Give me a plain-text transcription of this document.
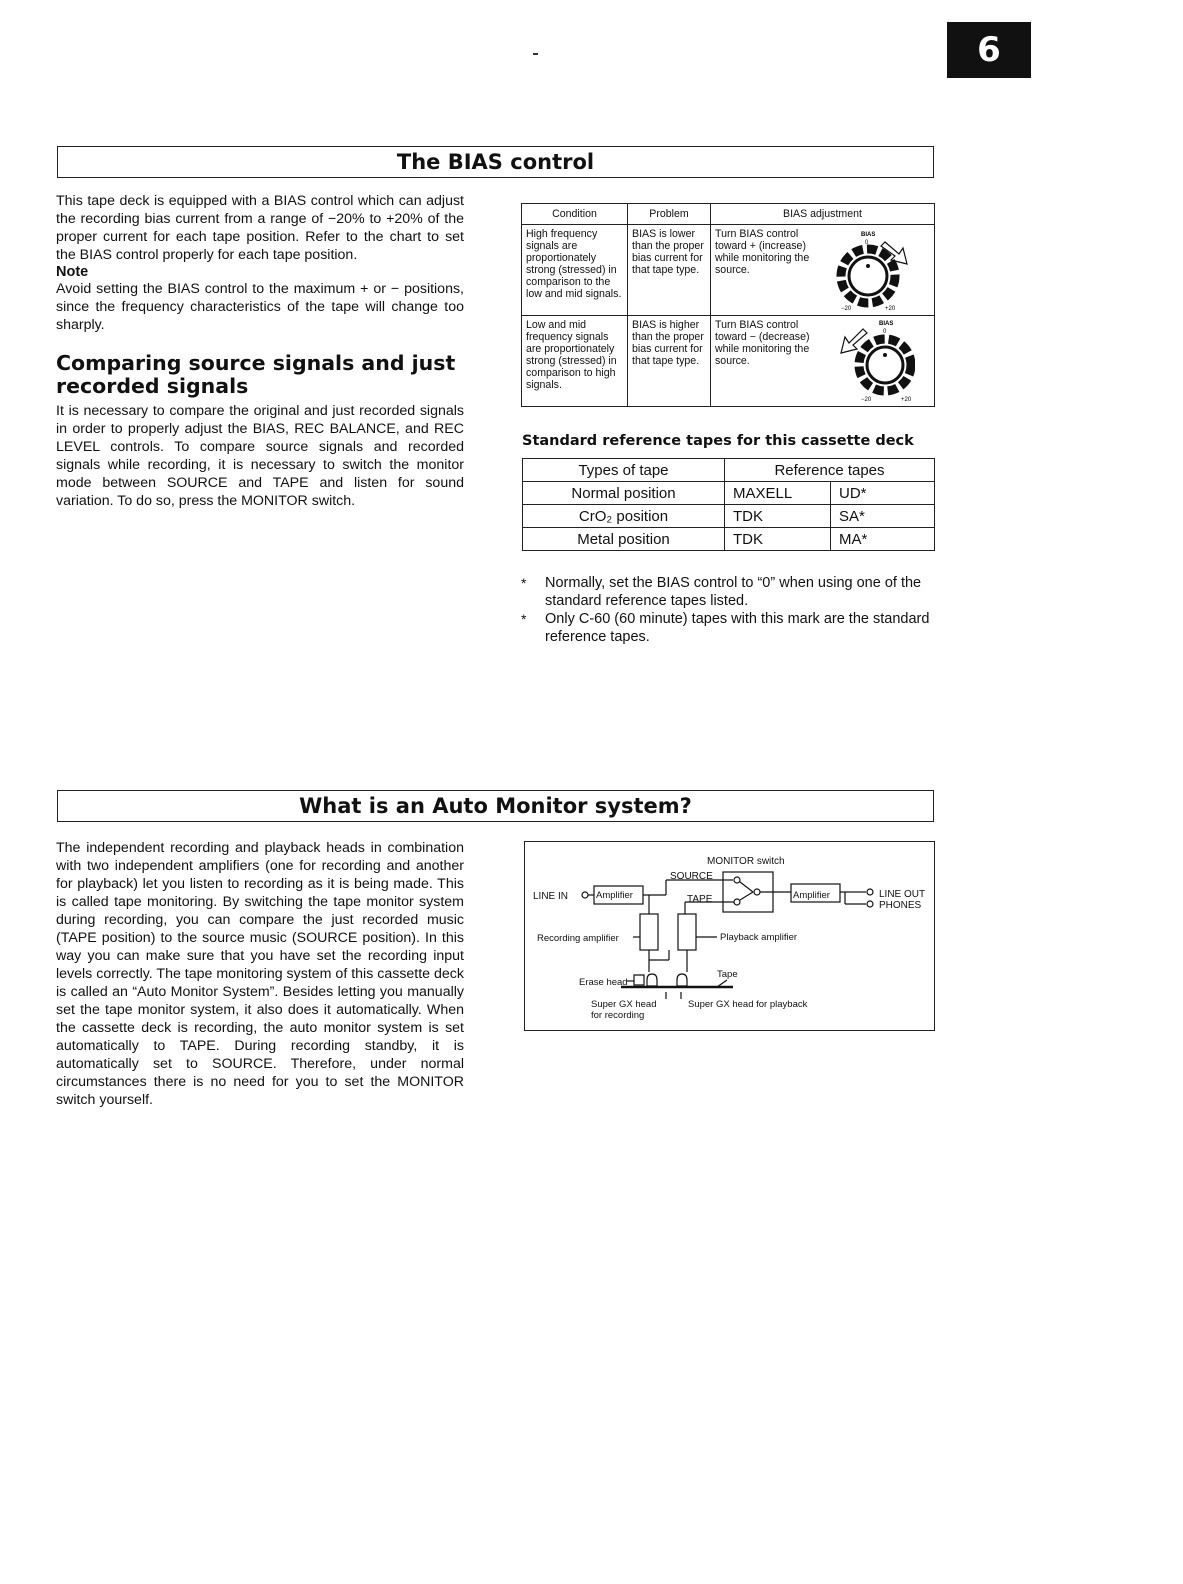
6
The BIAS control
This tape deck is equipped with a BIAS control which can adjust the recording bias current from a range of −20% to +20% of the proper current for each tape position. Refer to the chart to set the BIAS control properly for each tape position.
Note
Avoid setting the BIAS control to the maximum + or − positions, since the frequency characteristics of the tape will change too sharply.
Comparing source signals and just recorded signals
It is necessary to compare the original and just recorded signals in order to properly adjust the BIAS, REC BALANCE, and REC LEVEL controls. To compare source signals and recorded signals while recording, it is necessary to switch the monitor mode between SOURCE and TAPE and listen for sound variation. To do so, press the MONITOR switch.
Condition	Problem	BIAS adjustment
High frequency signals are proportionately strong (stressed) in comparison to the low and mid signals.	BIAS is lower than the proper bias current for that tape type.	Turn BIAS control toward + (increase) while monitoring the source.
BIAS
0
−20 +20

Low and mid frequency signals are proportionately strong (stressed) in comparison to high signals.	BIAS is higher than the proper bias current for that tape type.	Turn BIAS control toward − (decrease) while monitoring the source.
BIAS
0
−20 +20
Standard reference tapes for this cassette deck
Types of tape	Reference tapes	
Normal position	MAXELL	UD*
CrO₂ position	TDK	SA*
Metal position	TDK	MA*
*	Normally, set the BIAS control to “0” when using one of the standard reference tapes listed.
*	Only C-60 (60 minute) tapes with this mark are the standard reference tapes.
What is an Auto Monitor system?
The independent recording and playback heads in combination with two independent amplifiers (one for recording and another for playback) let you listen to recording as it is being made. This is called tape monitoring. By switching the tape monitor system during recording, you can compare the just recorded music (TAPE position) to the source music (SOURCE position). In this way you can make sure that you have set the recording input levels correctly. The tape monitoring system of this cassette deck is called an “Auto Monitor System”. Besides letting you manually set the tape monitor system, it also does it automatically. When the cassette deck is recording, the auto monitor system is set automatically to TAPE. During recording standby, it is automatically set to SOURCE. Therefore, under normal circumstances there is no need for you to set the MONITOR switch yourself.
MONITOR switch
SOURCE
LINE IN	TAPE
Amplifier	Amplifier	LINE OUT
PHONES
Recording amplifier	Playback amplifier
Tape
Erase head
Super GX head
for recording
Super GX head for playback
